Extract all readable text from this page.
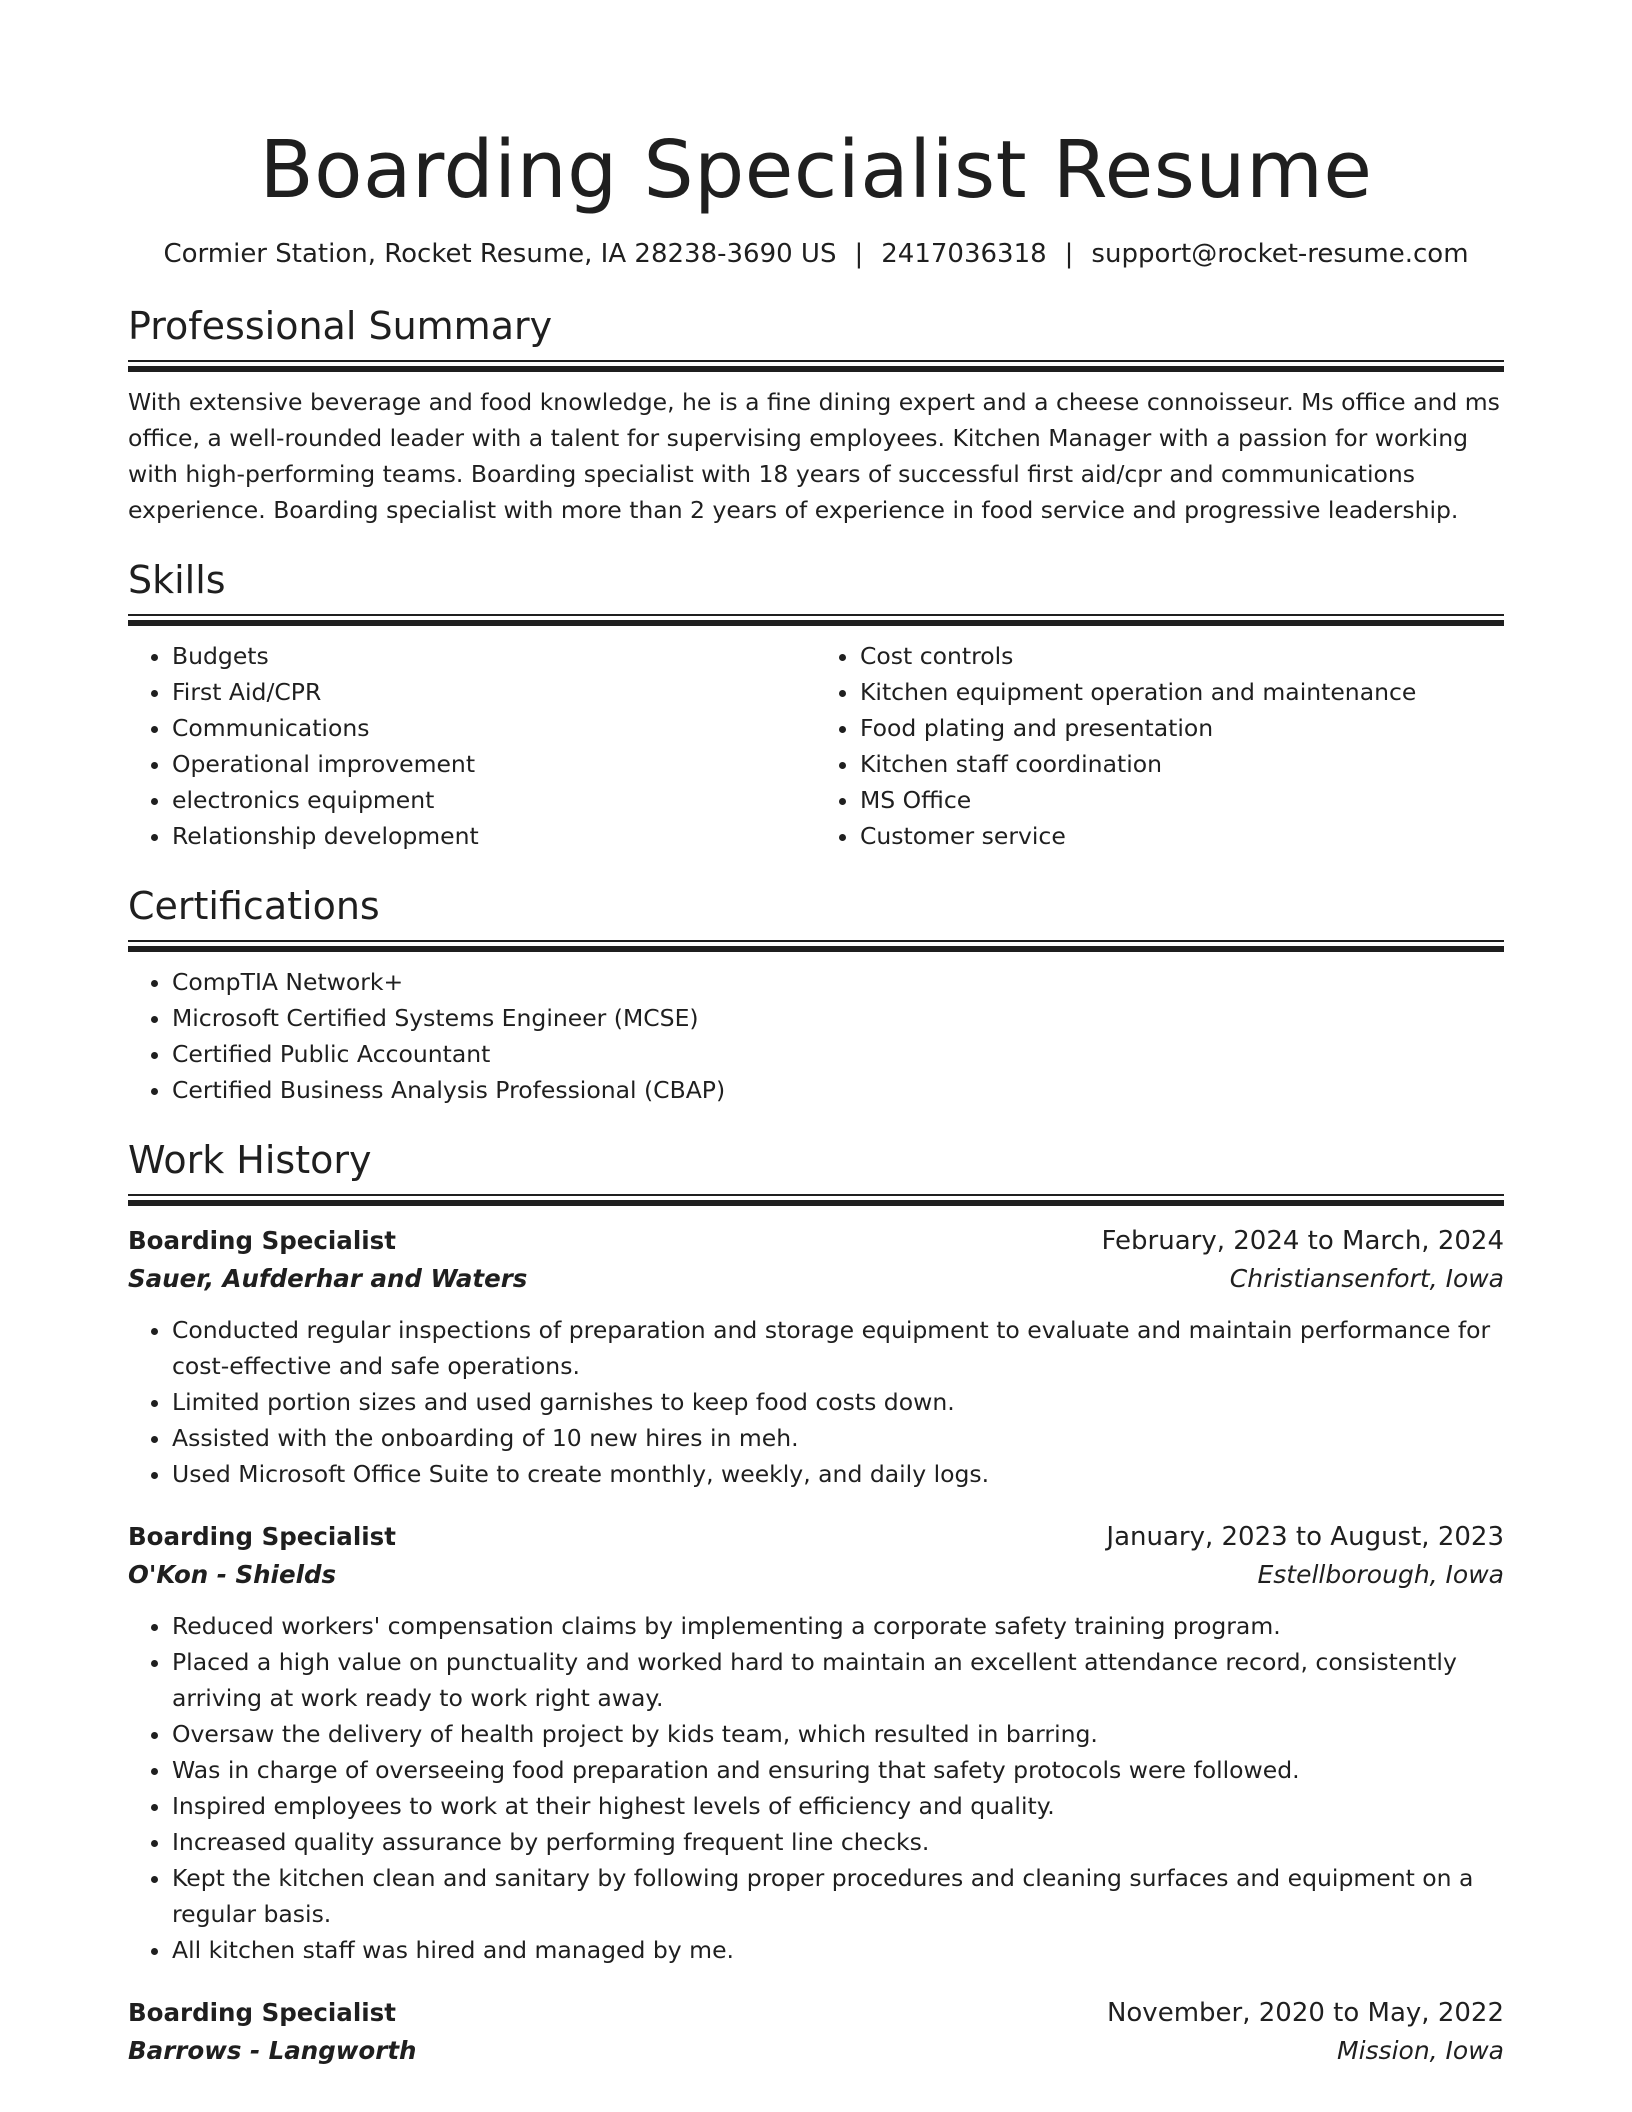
Boarding Specialist Resume
Cormier Station, Rocket Resume, IA 28238-3690 US | 2417036318 | support@rocket-resume.com
Professional Summary

With extensive beverage and food knowledge, he is a fine dining expert and a cheese connoisseur. Ms office and ms office, a well-rounded leader with a talent for supervising employees. Kitchen Manager with a passion for working with high-performing teams. Boarding specialist with 18 years of successful first aid/cpr and communications experience. Boarding specialist with more than 2 years of experience in food service and progressive leadership.

Skills
• Budgets
• First Aid/CPR
• Communications
• Operational improvement
• electronics equipment
• Relationship development
• Cost controls
• Kitchen equipment operation and maintenance
• Food plating and presentation
• Kitchen staff coordination
• MS Office
• Customer service
Certifications
• CompTIA Network+
• Microsoft Certified Systems Engineer (MCSE)
• Certified Public Accountant
• Certified Business Analysis Professional (CBAP)
Work History
Boarding Specialist	February, 2024 to March, 2024
Sauer, Aufderhar and Waters	Christiansenfort, Iowa
• Conducted regular inspections of preparation and storage equipment to evaluate and maintain performance for cost-effective and safe operations.
• Limited portion sizes and used garnishes to keep food costs down.
• Assisted with the onboarding of 10 new hires in meh.
• Used Microsoft Office Suite to create monthly, weekly, and daily logs.
Boarding Specialist	January, 2023 to August, 2023
O'Kon - Shields	Estellborough, Iowa
• Reduced workers' compensation claims by implementing a corporate safety training program.
• Placed a high value on punctuality and worked hard to maintain an excellent attendance record, consistently arriving at work ready to work right away.
• Oversaw the delivery of health project by kids team, which resulted in barring.
• Was in charge of overseeing food preparation and ensuring that safety protocols were followed.
• Inspired employees to work at their highest levels of efficiency and quality.
• Increased quality assurance by performing frequent line checks.
• Kept the kitchen clean and sanitary by following proper procedures and cleaning surfaces and equipment on a regular basis.
• All kitchen staff was hired and managed by me.
Boarding Specialist	November, 2020 to May, 2022
Barrows - Langworth	Mission, Iowa
